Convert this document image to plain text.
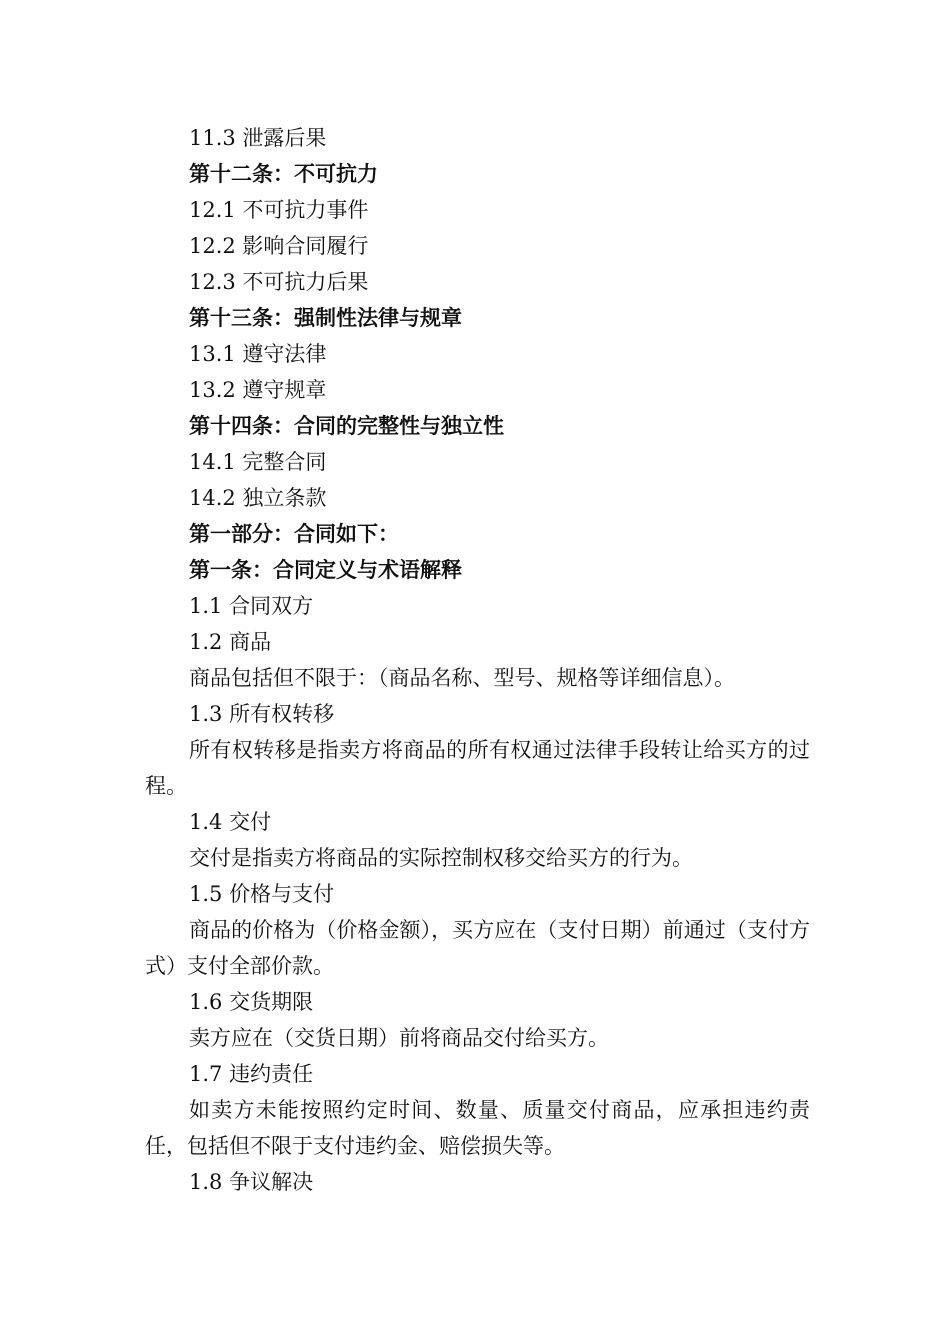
11.3 泄露后果
第十二条：不可抗力
12.1 不可抗力事件
12.2 影响合同履行
12.3 不可抗力后果
第十三条：强制性法律与规章
13.1 遵守法律
13.2 遵守规章
第十四条：合同的完整性与独立性
14.1 完整合同
14.2 独立条款
第一部分：合同如下：
第一条：合同定义与术语解释
1.1 合同双方
1.2 商品
商品包括但不限于：（商品名称、型号、规格等详细信息）。
1.3 所有权转移

所有权转移是指卖方将商品的所有权通过法律手段转让给买方的过程。

1.4 交付
交付是指卖方将商品的实际控制权移交给买方的行为。
1.5 价格与支付

商品的价格为（价格金额），买方应在（支付日期）前通过（支付方式）支付全部价款。

1.6 交货期限
卖方应在（交货日期）前将商品交付给买方。
1.7 违约责任

如卖方未能按照约定时间、数量、质量交付商品，应承担违约责任，包括但不限于支付违约金、赔偿损失等。

1.8 争议解决
